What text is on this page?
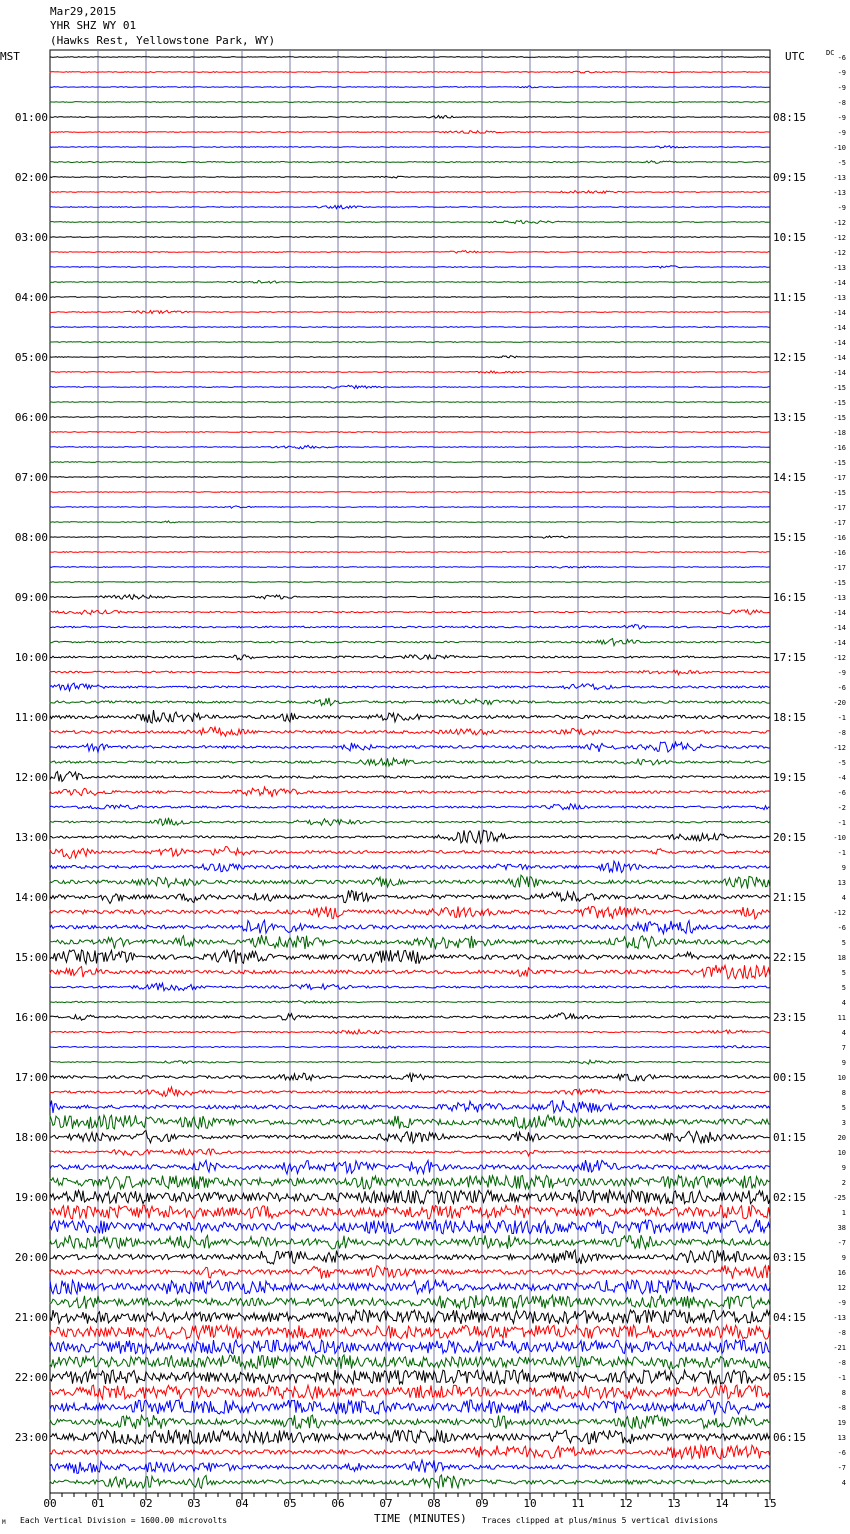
Mar29,2015
YHR SHZ WY 01
(Hawks Rest, Yellowstone Park, WY)
MST	UTC	DC
-6
-9
-9
-8
-9
-9
-10
-5
-13
-13
-9
-12
-12
-12
-13
-14
-13
-14
-14
-14
-14
-14
-15
-15
-15
-18
-16
-15
-17
-15
-17
-17
-16
-16
-17
-15
-13
-14
-14
-14
-12
-9
-6
-20
-1
-8
-12
-5
-4
-6
-2
-1
-10
-1
9
13
4
-12
-6
5
18
5
5
4
11
4
7
9
10
8
5
3
20
10
9
2
-25
1
38
-7
9
16
12
-9
-13
-8
-21
-8
-1
8
-8
19
13
-6
-7
4
01:00	08:15
02:00	09:15
03:00	10:15
04:00	11:15
05:00	12:15
06:00	13:15
07:00	14:15
08:00	15:15
09:00	16:15
10:00	17:15
11:00	18:15
12:00	19:15
13:00	20:15
14:00	21:15
15:00	22:15
16:00	23:15
17:00	00:15
18:00	01:15
19:00	02:15
20:00	03:15
21:00	04:15
22:00	05:15
23:00	06:15
00	01	02	03	04	05	06	07	08	09	10	11	12	13	14	15
Each Vertical Division = 1600.00 microvolts	TIME (MINUTES) Traces clipped at plus/minus 5 vertical divisions
M
